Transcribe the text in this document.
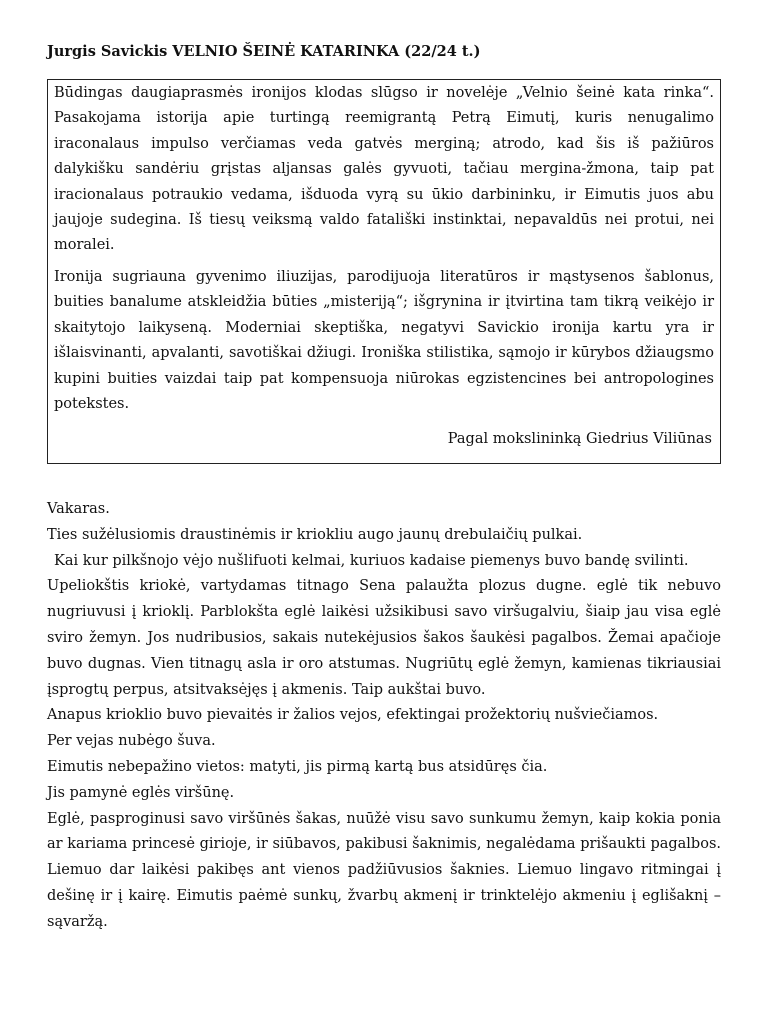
Jurgis Savickis VELNIO ŠEINĖ KATARINKA (22/24 t.)

Būdingas daugiaprasmės ironijos klodas slūgso ir novelėje „Velnio šeinė kata rinka“. Pasakojama istorija apie turtingą reemigrantą Petrą Eimutį, kuris nenugalimo iraconalaus impulso verčiamas veda gatvės merginą; atrodo, kad šis iš pažiūros dalykišku sandėriu grįstas aljansas galės gyvuoti, tačiau mergina-žmona, taip pat iracionalaus potraukio vedama, išduoda vyrą su ūkio darbininku, ir Eimutis juos abu jaujoje sudegina. Iš tiesų veiksmą valdo fatališki instinktai, nepavaldūs nei protui, nei moralei.

Ironija sugriauna gyvenimo iliuzijas, parodijuoja literatūros ir mąstysenos šablonus, buities banalume atskleidžia būties „misteriją“; išgrynina ir įtvirtina tam tikrą veikėjo ir skaitytojo laikyseną. Moderniai skeptiška, negatyvi Savickio ironija kartu yra ir išlaisvinanti, apvalanti, savotiškai džiugi. Ironiška stilistika, sąmojo ir kūrybos džiaugsmo kupini buities vaizdai taip pat kompensuoja niūrokas egzistencines bei antropologines potekstes.

Pagal mokslininką Giedrius Viliūnas

Vakaras.

Ties sužėlusiomis draustinėmis ir kriokliu augo jaunų drebulaičių pulkai.

Kai kur pilkšnojo vėjo nušlifuoti kelmai, kuriuos kadaise piemenys buvo bandę svilinti.

Upeliokštis kriokė, vartydamas titnago Sena palaužta plozus dugne. eglė tik nebuvo nugriuvusi į krioklį. Parblokšta eglė laikėsi užsikibusi savo viršugalviu, šiaip jau visa eglė sviro žemyn. Jos nudribusios, sakais nutekėjusios šakos šaukėsi pagalbos. Žemai apačioje buvo dugnas. Vien titnagų asla ir oro atstumas. Nugriūtų eglė žemyn, kamienas tikriausiai įsprogtų perpus, atsitvaksėjęs į akmenis. Taip aukštai buvo.

Anapus krioklio buvo pievaitės ir žalios vejos, efektingai prožektorių nušviečiamos.

Per vejas nubėgo šuva.

Eimutis nebepažino vietos: matyti, jis pirmą kartą bus atsidūręs čia.

Jis pamynė eglės viršūnę.

Eglė, pasproginusi savo viršūnės šakas, nuūžė visu savo sunkumu žemyn, kaip kokia ponia ar kariama princesė girioje, ir siūbavos, pakibusi šaknimis, negalėdama prišaukti pagalbos. Liemuo dar laikėsi pakibęs ant vienos padžiūvusios šaknies. Liemuo lingavo ritmingai į dešinę ir į kairę. Eimutis paėmė sunkų, žvarbų akmenį ir trinktelėjo akmeniu į eglišaknį – sąvaržą.
